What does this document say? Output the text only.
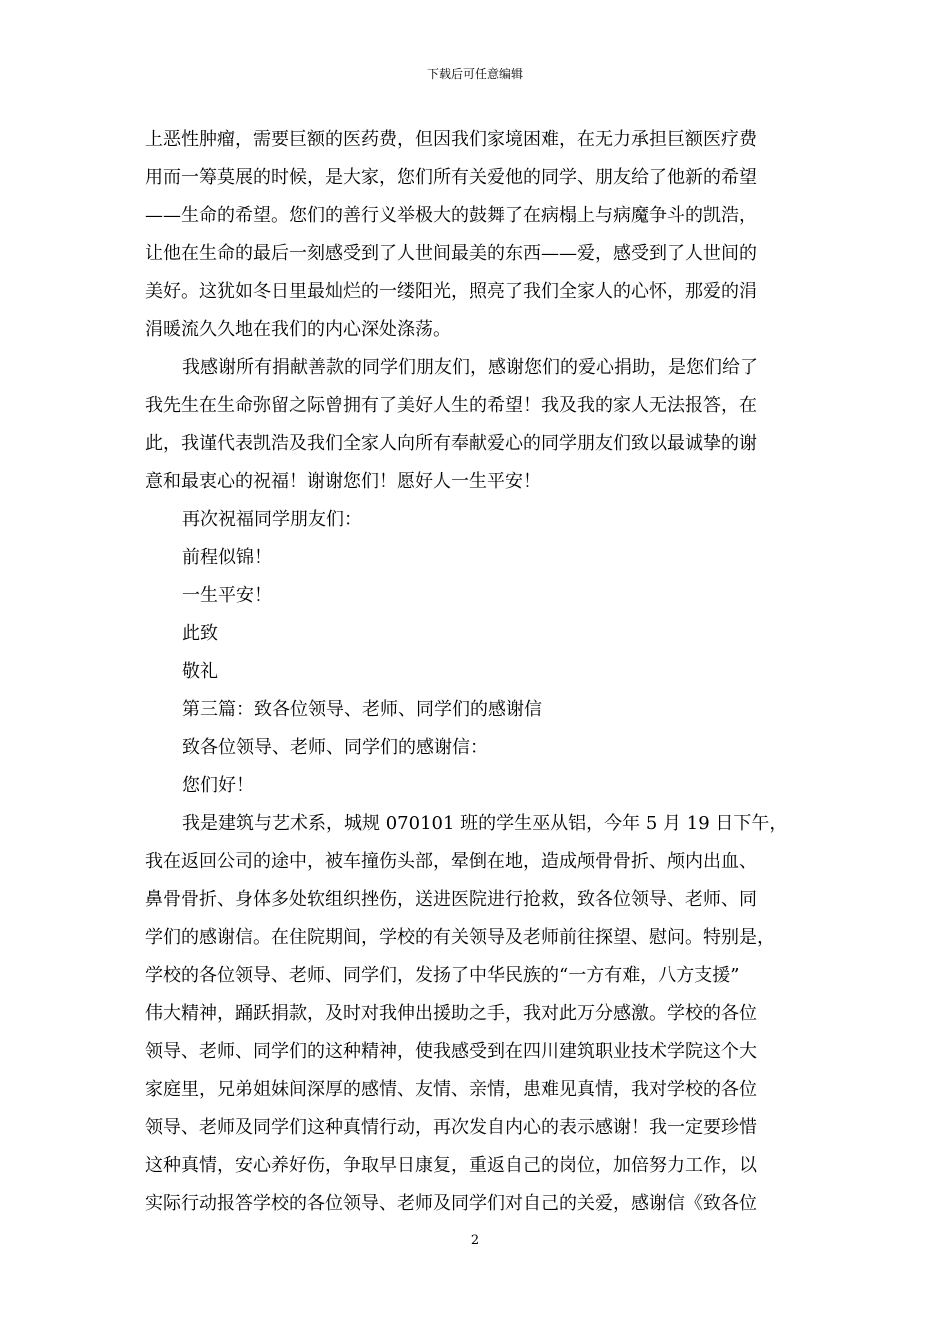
下载后可任意编辑
上恶性肿瘤，需要巨额的医药费，但因我们家境困难，在无力承担巨额医疗费
用而一筹莫展的时候，是大家，您们所有关爱他的同学、朋友给了他新的希望
——生命的希望。您们的善行义举极大的鼓舞了在病榻上与病魔争斗的凯浩，
让他在生命的最后一刻感受到了人世间最美的东西——爱，感受到了人世间的
美好。这犹如冬日里最灿烂的一缕阳光，照亮了我们全家人的心怀，那爱的涓
涓暖流久久地在我们的内心深处涤荡。
我感谢所有捐献善款的同学们朋友们，感谢您们的爱心捐助，是您们给了
我先生在生命弥留之际曾拥有了美好人生的希望！我及我的家人无法报答，在
此，我谨代表凯浩及我们全家人向所有奉献爱心的同学朋友们致以最诚挚的谢
意和最衷心的祝福！谢谢您们！愿好人一生平安！
再次祝福同学朋友们：
前程似锦！
一生平安！
此致
敬礼
第三篇：致各位领导、老师、同学们的感谢信
致各位领导、老师、同学们的感谢信：
您们好！
我是建筑与艺术系，城规 070101 班的学生巫从铝，今年 5 月 19 日下午，
我在返回公司的途中，被车撞伤头部，晕倒在地，造成颅骨骨折、颅内出血、
鼻骨骨折、身体多处软组织挫伤，送进医院进行抢救，致各位领导、老师、同
学们的感谢信。在住院期间，学校的有关领导及老师前往探望、慰问。特别是，
学校的各位领导、老师、同学们，发扬了中华民族的“一方有难，八方支援”
伟大精神，踊跃捐款，及时对我伸出援助之手，我对此万分感激。学校的各位
领导、老师、同学们的这种精神，使我感受到在四川建筑职业技术学院这个大
家庭里，兄弟姐妹间深厚的感情、友情、亲情，患难见真情，我对学校的各位
领导、老师及同学们这种真情行动，再次发自内心的表示感谢！我一定要珍惜
这种真情，安心养好伤，争取早日康复，重返自己的岗位，加倍努力工作，以
实际行动报答学校的各位领导、老师及同学们对自己的关爱，感谢信《致各位
2
